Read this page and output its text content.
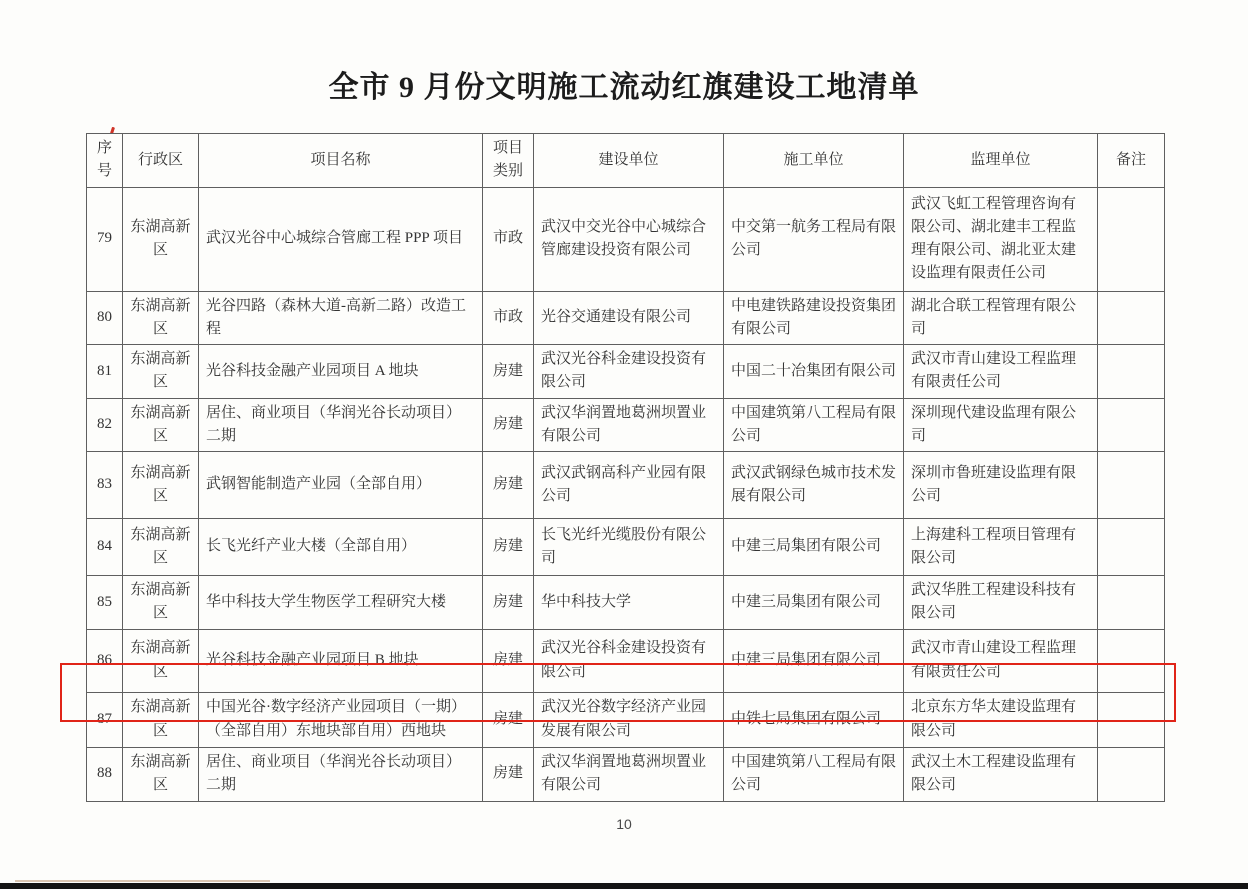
全市 9 月份文明施工流动红旗建设工地清单
序号	行政区	项目名称	项目类别	建设单位	施工单位	监理单位	备注
79	东湖高新区	武汉光谷中心城综合管廊工程 PPP 项目	市政	武汉中交光谷中心城综合管廊建设投资有限公司	中交第一航务工程局有限公司	武汉飞虹工程管理咨询有限公司、湖北建丰工程监理有限公司、湖北亚太建设监理有限责任公司	
80	东湖高新区	光谷四路（森林大道-高新二路）改造工程	市政	光谷交通建设有限公司	中电建铁路建设投资集团有限公司	湖北合联工程管理有限公司	
81	东湖高新区	光谷科技金融产业园项目 A 地块	房建	武汉光谷科金建设投资有限公司	中国二十冶集团有限公司	武汉市青山建设工程监理有限责任公司	
82	东湖高新区	居住、商业项目（华润光谷长动项目）二期	房建	武汉华润置地葛洲坝置业有限公司	中国建筑第八工程局有限公司	深圳现代建设监理有限公司	
83	东湖高新区	武钢智能制造产业园（全部自用）	房建	武汉武钢高科产业园有限公司	武汉武钢绿色城市技术发展有限公司	深圳市鲁班建设监理有限公司	
84	东湖高新区	长飞光纤产业大楼（全部自用）	房建	长飞光纤光缆股份有限公司	中建三局集团有限公司	上海建科工程项目管理有限公司	
85	东湖高新区	华中科技大学生物医学工程研究大楼	房建	华中科技大学	中建三局集团有限公司	武汉华胜工程建设科技有限公司	
86	东湖高新区	光谷科技金融产业园项目 B 地块	房建	武汉光谷科金建设投资有限公司	中建三局集团有限公司	武汉市青山建设工程监理有限责任公司	
87	东湖高新区	中国光谷·数字经济产业园项目（一期）（全部自用）东地块部自用）西地块	房建	武汉光谷数字经济产业园发展有限公司	中铁七局集团有限公司	北京东方华太建设监理有限公司	
88	东湖高新区	居住、商业项目（华润光谷长动项目）二期	房建	武汉华润置地葛洲坝置业有限公司	中国建筑第八工程局有限公司	武汉土木工程建设监理有限公司	
10
